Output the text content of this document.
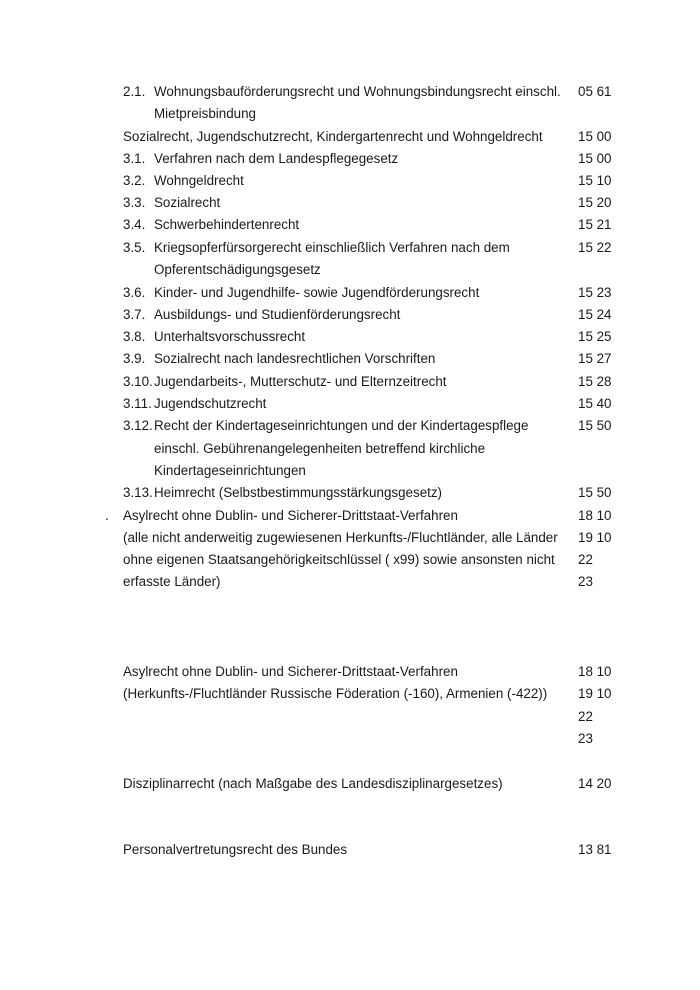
2.1. Wohnungsbauförderungsrecht und Wohnungsbindungsrecht einschl. 05 61
Mietpreisbindung
Sozialrecht, Jugendschutzrecht, Kindergartenrecht und Wohngeldrecht	15 00
3.1. Verfahren nach dem Landespflegegesetz	15 00
3.2. Wohngeldrecht	15 10
3.3. Sozialrecht	15 20
3.4. Schwerbehindertenrecht	15 21
3.5. Kriegsopferfürsorgerecht einschließlich Verfahren nach dem	15 22
Opferentschädigungsgesetz
3.6. Kinder- und Jugendhilfe- sowie Jugendförderungsrecht	15 23
3.7. Ausbildungs- und Studienförderungsrecht	15 24
3.8. Unterhaltsvorschussrecht	15 25
3.9. Sozialrecht nach landesrechtlichen Vorschriften	15 27
3.10. Jugendarbeits-, Mutterschutz- und Elternzeitrecht	15 28
3.11. Jugendschutzrecht	15 40
3.12. Recht der Kindertageseinrichtungen und der Kindertagespflege	15 50
einschl. Gebührenangelegenheiten betreffend kirchliche
Kindertageseinrichtungen
3.13. Heimrecht (Selbstbestimmungsstärkungsgesetz)	15 50
. Asylrecht ohne Dublin- und Sicherer-Drittstaat-Verfahren	18 10
(alle nicht anderweitig zugewiesenen Herkunfts-/Fluchtländer, alle Länder 19 10
ohne eigenen Staatsangehörigkeitschlüssel ( x99) sowie ansonsten nicht 22
erfasste Länder)	23
Asylrecht ohne Dublin- und Sicherer-Drittstaat-Verfahren	18 10
(Herkunfts-/Fluchtländer Russische Föderation (-160), Armenien (-422)) 19 10
22
23
Disziplinarrecht (nach Maßgabe des Landesdisziplinargesetzes)	14 20
Personalvertretungsrecht des Bundes	13 81
